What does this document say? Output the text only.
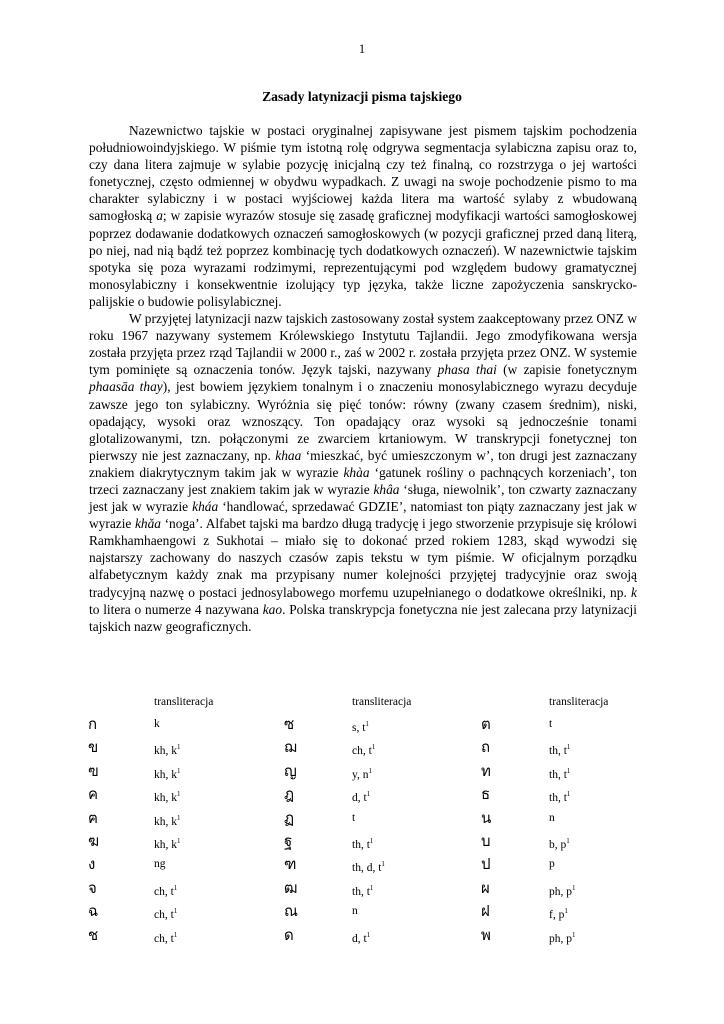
1
Zasady latynizacji pisma tajskiego

Nazewnictwo tajskie w postaci oryginalnej zapisywane jest pismem tajskim pochodzenia południowoindyjskiego. W piśmie tym istotną rolę odgrywa segmentacja sylabiczna zapisu oraz to, czy dana litera zajmuje w sylabie pozycję inicjalną czy też finalną, co rozstrzyga o jej wartości fonetycznej, często odmiennej w obydwu wypadkach. Z uwagi na swoje pochodzenie pismo to ma charakter sylabiczny i w postaci wyjściowej każda litera ma wartość sylaby z wbudowaną samogłoską a; w zapisie wyrazów stosuje się zasadę graficznej modyfikacji wartości samogłoskowej poprzez dodawanie dodatkowych oznaczeń samogłoskowych (w pozycji graficznej przed daną literą, po niej, nad nią bądź też poprzez kombinację tych dodatkowych oznaczeń). W nazewnictwie tajskim spotyka się poza wyrazami rodzimymi, reprezentującymi pod względem budowy gramatycznej monosylabiczny i konsekwentnie izolujący typ języka, także liczne zapożyczenia sanskrycko-palijskie o budowie polisylabicznej.

W przyjętej latynizacji nazw tajskich zastosowany został system zaakceptowany przez ONZ w roku 1967 nazywany systemem Królewskiego Instytutu Tajlandii. Jego zmodyfikowana wersja została przyjęta przez rząd Tajlandii w 2000 r., zaś w 2002 r. została przyjęta przez ONZ. W systemie tym pominięte są oznaczenia tonów. Język tajski, nazywany phasa thai (w zapisie fonetycznym phaasāa thay), jest bowiem językiem tonalnym i o znaczeniu monosylabicznego wyrazu decyduje zawsze jego ton sylabiczny. Wyróżnia się pięć tonów: równy (zwany czasem średnim), niski, opadający, wysoki oraz wznoszący. Ton opadający oraz wysoki są jednocześnie tonami glotalizowanymi, tzn. połączonymi ze zwarciem krtaniowym. W transkrypcji fonetycznej ton pierwszy nie jest zaznaczany, np. khaa ‘mieszkać, być umieszczonym w’, ton drugi jest zaznaczany znakiem diakrytycznym takim jak w wyrazie khàa ‘gatunek rośliny o pachnących korzeniach’, ton trzeci zaznaczany jest znakiem takim jak w wyrazie khâa ‘sługa, niewolnik’, ton czwarty zaznaczany jest jak w wyrazie kháa ‘handlować, sprzedawać GDZIE’, natomiast ton piąty zaznaczany jest jak w wyrazie khǎa ‘noga’. Alfabet tajski ma bardzo długą tradycję i jego stworzenie przypisuje się królowi Ramkhamhaengowi z Sukhotai – miało się to dokonać przed rokiem 1283, skąd wywodzi się najstarszy zachowany do naszych czasów zapis tekstu w tym piśmie. W oficjalnym porządku alfabetycznym każdy znak ma przypisany numer kolejności przyjętej tradycyjnie oraz swoją tradycyjną nazwę o postaci jednosylabowego morfemu uzupełnianego o dodatkowe określniki, np. k to litera o numerze 4 nazywana kao. Polska transkrypcja fonetyczna nie jest zalecana przy latynizacji tajskich nazw geograficznych.

transliteracja	transliteracja	transliteracja
ก	k	ซ	s, $t^1$	ต	t
ข	kh, $k^1$	ฌ	ch, $t^1$	ถ	th, $t^1$
ฃ	kh, $k^1$	ญ	y, $n^1$	ท	th, $t^1$
ค	kh, $k^1$	ฎ	d, $t^1$	ธ	th, $t^1$
ฅ	kh, $k^1$	ฏ	t	น	n
ฆ	kh, $k^1$	ฐ	th, $t^1$	บ	b, $p^1$
ง	ng	ฑ	th, d, $t^1$	ป	p
จ	ch, $t^1$	ฒ	th, $t^1$	ผ	ph, $p^1$
ฉ	ch, $t^1$	ณ	n	ฝ	f, $p^1$
ช	ch, $t^1$	ด	d, $t^1$	พ	ph, $p^1$
